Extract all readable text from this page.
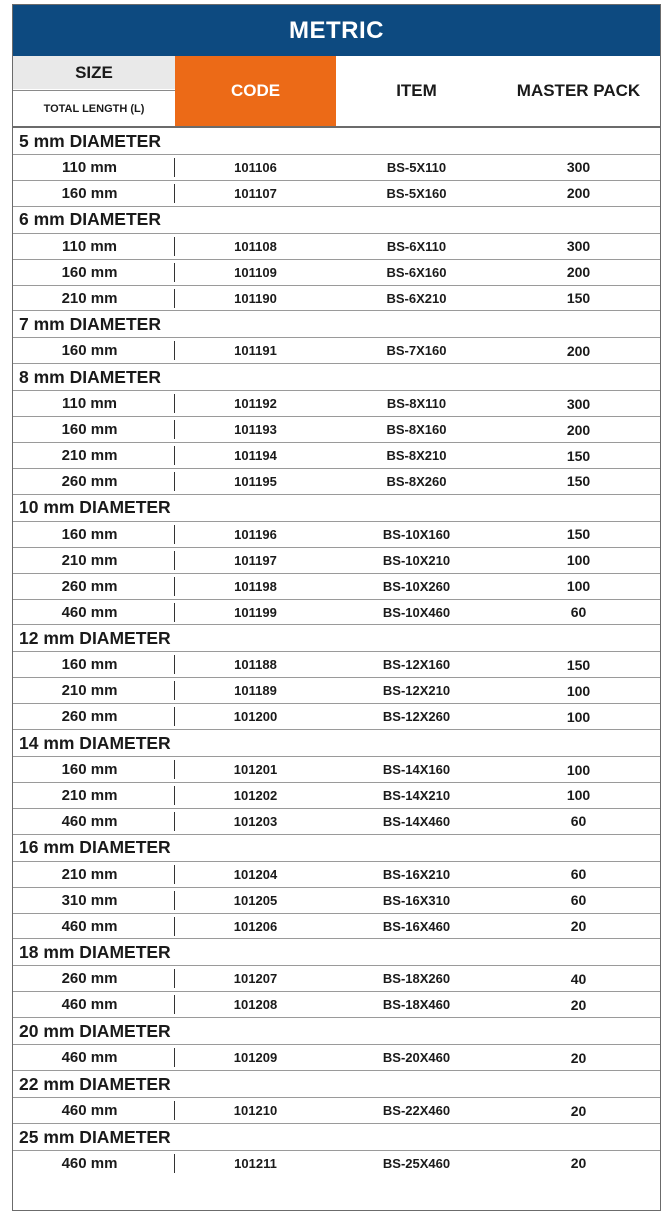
METRIC
SIZE
TOTAL LENGTH (L)
CODE	ITEM	MASTER PACK
5 mm DIAMETER
110 mm	101106	BS-5X110	300
160 mm	101107	BS-5X160	200
6 mm DIAMETER
110 mm	101108	BS-6X110	300
160 mm	101109	BS-6X160	200
210 mm	101190	BS-6X210	150
7 mm DIAMETER
160 mm	101191	BS-7X160	200
8 mm DIAMETER
110 mm	101192	BS-8X110	300
160 mm	101193	BS-8X160	200
210 mm	101194	BS-8X210	150
260 mm	101195	BS-8X260	150
10 mm DIAMETER
160 mm	101196	BS-10X160	150
210 mm	101197	BS-10X210	100
260 mm	101198	BS-10X260	100
460 mm	101199	BS-10X460	60
12 mm DIAMETER
160 mm	101188	BS-12X160	150
210 mm	101189	BS-12X210	100
260 mm	101200	BS-12X260	100
14 mm DIAMETER
160 mm	101201	BS-14X160	100
210 mm	101202	BS-14X210	100
460 mm	101203	BS-14X460	60
16 mm DIAMETER
210 mm	101204	BS-16X210	60
310 mm	101205	BS-16X310	60
460 mm	101206	BS-16X460	20
18 mm DIAMETER
260 mm	101207	BS-18X260	40
460 mm	101208	BS-18X460	20
20 mm DIAMETER
460 mm	101209	BS-20X460	20
22 mm DIAMETER
460 mm	101210	BS-22X460	20
25 mm DIAMETER
460 mm	101211	BS-25X460	20
